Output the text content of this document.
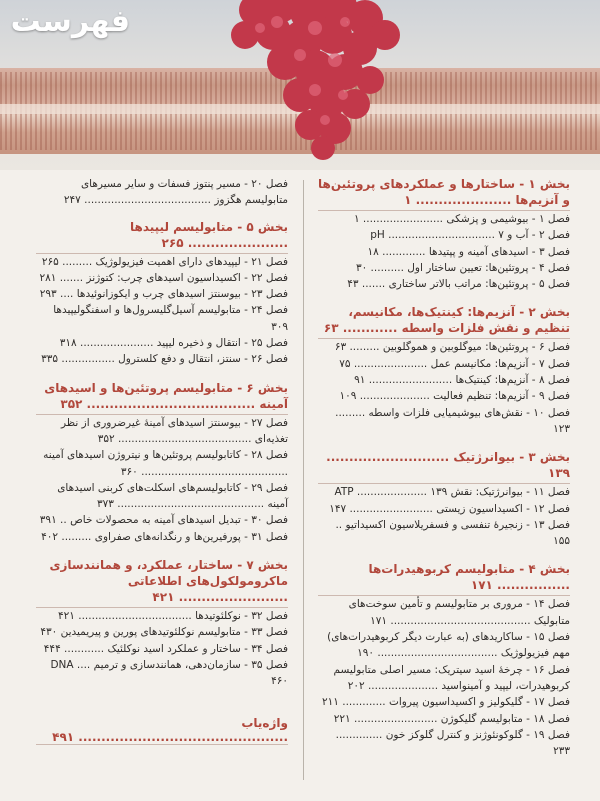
فهرست
بخش ۱ - ساختارها و عملکردهای پروتئین‌ها و آنزیم‌ها ..................... ۱
فصل ۱ - بیوشیمی و پزشکی ........................ ۱
فصل ۲ - آب و pH ................................ ۷
فصل ۳ - اسیدهای آمینه و پپتیدها ............. ۱۸
فصل ۴ - پروتئین‌ها: تعیین ساختار اول .......... ۳۰
فصل ۵ - پروتئین‌ها: مراتب بالاتر ساختاری ....... ۴۳
بخش ۲ - آنزیم‌ها: کینتیک‌ها، مکانیسم، تنظیم و نقش فلزات واسطه ............ ۶۳
فصل ۶ - پروتئین‌ها: میوگلوبین و هموگلوبین ......... ۶۳
فصل ۷ - آنزیم‌ها: مکانیسم عمل ...................... ۷۵
فصل ۸ - آنزیم‌ها: کینتیک‌ها ......................... ۹۱
فصل ۹ - آنزیم‌ها: تنظیم فعالیت ..................... ۱۰۹
فصل ۱۰ - نقش‌های بیوشیمیایی فلزات واسطه ......... ۱۲۳
بخش ۳ - بیوانرژتیک ........................... ۱۳۹
فصل ۱۱ - بیوانرژتیک: نقش ATP ..................... ۱۳۹
فصل ۱۲ - اکسیداسیون زیستی ......................... ۱۴۷
فصل ۱۳ - زنجیرهٔ تنفسی و فسفریلاسیون اکسیداتیو .. ۱۵۵
بخش ۴ - متابولیسم کربوهیدرات‌ها ................ ۱۷۱
فصل ۱۴ - مروری بر متابولیسم و تأمین سوخت‌های متابولیک .......................................... ۱۷۱
فصل ۱۵ - ساکاریدهای (به عبارت دیگر کربوهیدرات‌های) مهم فیزیولوژیک .................................... ۱۹۰
فصل ۱۶ - چرخهٔ اسید سیتریک: مسیر اصلی متابولیسم کربوهیدرات، لیپید و آمینواسید ..................... ۲۰۲
فصل ۱۷ - گلیکولیز و اکسیداسیون پیروات ............. ۲۱۱
فصل ۱۸ - متابولیسم گلیکوژن ......................... ۲۲۱
فصل ۱۹ - گلوکونئوژنز و کنترل گلوکز خون .............. ۲۳۳
فصل ۲۰ - مسیر پنتوز فسفات و سایر مسیرهای متابولیسم هگزوز ...................................... ۲۴۷
بخش ۵ - متابولیسم لیپیدها ...................... ۲۶۵
فصل ۲۱ - لیپیدهای دارای اهمیت فیزیولوژیک ......... ۲۶۵
فصل ۲۲ - اکسیداسیون اسیدهای چرب: کتوژنز ....... ۲۸۱
فصل ۲۳ - بیوسنتز اسیدهای چرب و ایکوزانوئیدها .... ۲۹۳
فصل ۲۴ - متابولیسم آسیل‌گلیسرول‌ها و اسفنگولیپیدها ۳۰۹
فصل ۲۵ - انتقال و ذخیره لیپید ...................... ۳۱۸
فصل ۲۶ - سنتز، انتقال و دفع کلسترول ................ ۳۳۵
بخش ۶ - متابولیسم پروتئین‌ها و اسیدهای آمینه ..................................... ۳۵۲
فصل ۲۷ - بیوسنتز اسیدهای آمینهٔ غیرضروری از نظر تغذیه‌ای ........................................ ۳۵۲
فصل ۲۸ - کاتابولیسم پروتئین‌ها و نیتروژن اسیدهای آمینه ............................................ ۳۶۰
فصل ۲۹ - کاتابولیسم‌های اسکلت‌های کربنی اسیدهای آمینه ............................................ ۳۷۳
فصل ۳۰ - تبدیل اسیدهای آمینه به محصولات خاص .. ۳۹۱
فصل ۳۱ - پورفیرین‌ها و رنگدانه‌های صفراوی ......... ۴۰۲
بخش ۷ - ساختار، عملکرد، و همانندسازی ماکرومولکول‌های اطلاعاتی ........................ ۴۲۱
فصل ۳۲ - نوکلئوتیدها .................................. ۴۲۱
فصل ۳۳ - متابولیسم نوکلئوتیدهای پورین و پیریمیدین ۴۳۰
فصل ۳۴ - ساختار و عملکرد اسید نوکلئیک ............ ۴۴۴
فصل ۳۵ - سازمان‌دهی، همانندسازی و ترمیم DNA .... ۴۶۰
واژه‌یاب .............................................. ۴۹۱
